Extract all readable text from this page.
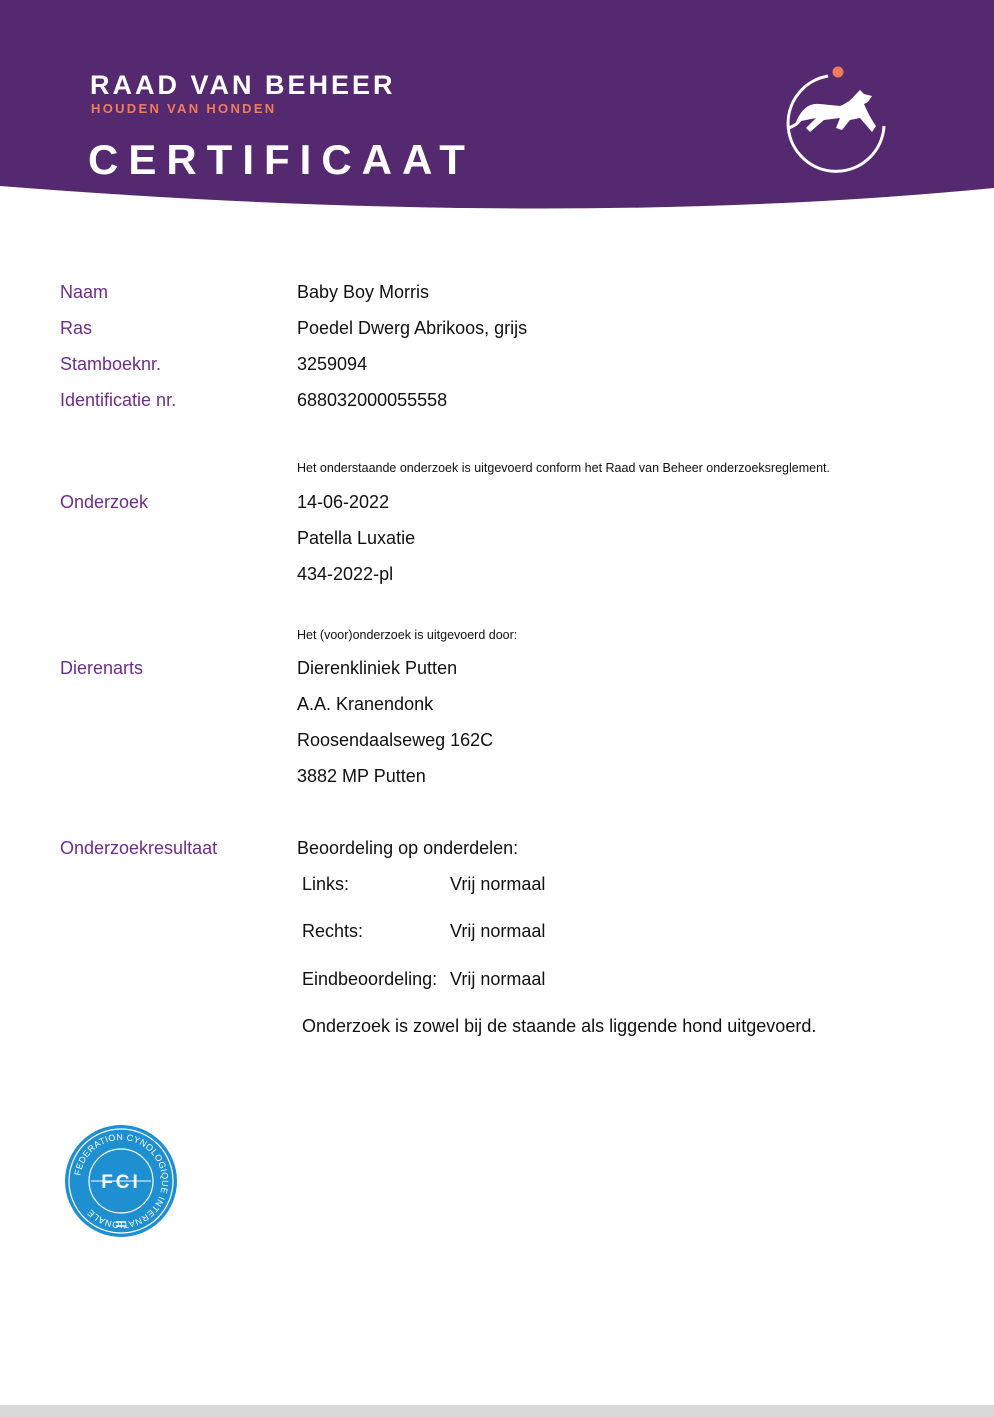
RAAD VAN BEHEER
HOUDEN VAN HONDEN
CERTIFICAAT
Naam	Baby Boy Morris
Ras	Poedel Dwerg Abrikoos, grijs
Stamboeknr.	3259094
Identificatie nr.	688032000055558
Het onderstaande onderzoek is uitgevoerd conform het Raad van Beheer onderzoeksreglement.
Onderzoek	14-06-2022
Patella Luxatie
434-2022-pl
Het (voor)onderzoek is uitgevoerd door:
Dierenarts	Dierenkliniek Putten
A.A. Kranendonk
Roosendaalseweg 162C
3882 MP Putten
Onderzoekresultaat	Beoordeling op onderdelen:
Links:	Vrij normaal
Rechts:	Vrij normaal
Eindbeoordeling: Vrij normaal
Onderzoek is zowel bij de staande als liggende hond uitgevoerd.
FEDERATION CYNOLOGIQUE INTERNATIONALE
FCI
